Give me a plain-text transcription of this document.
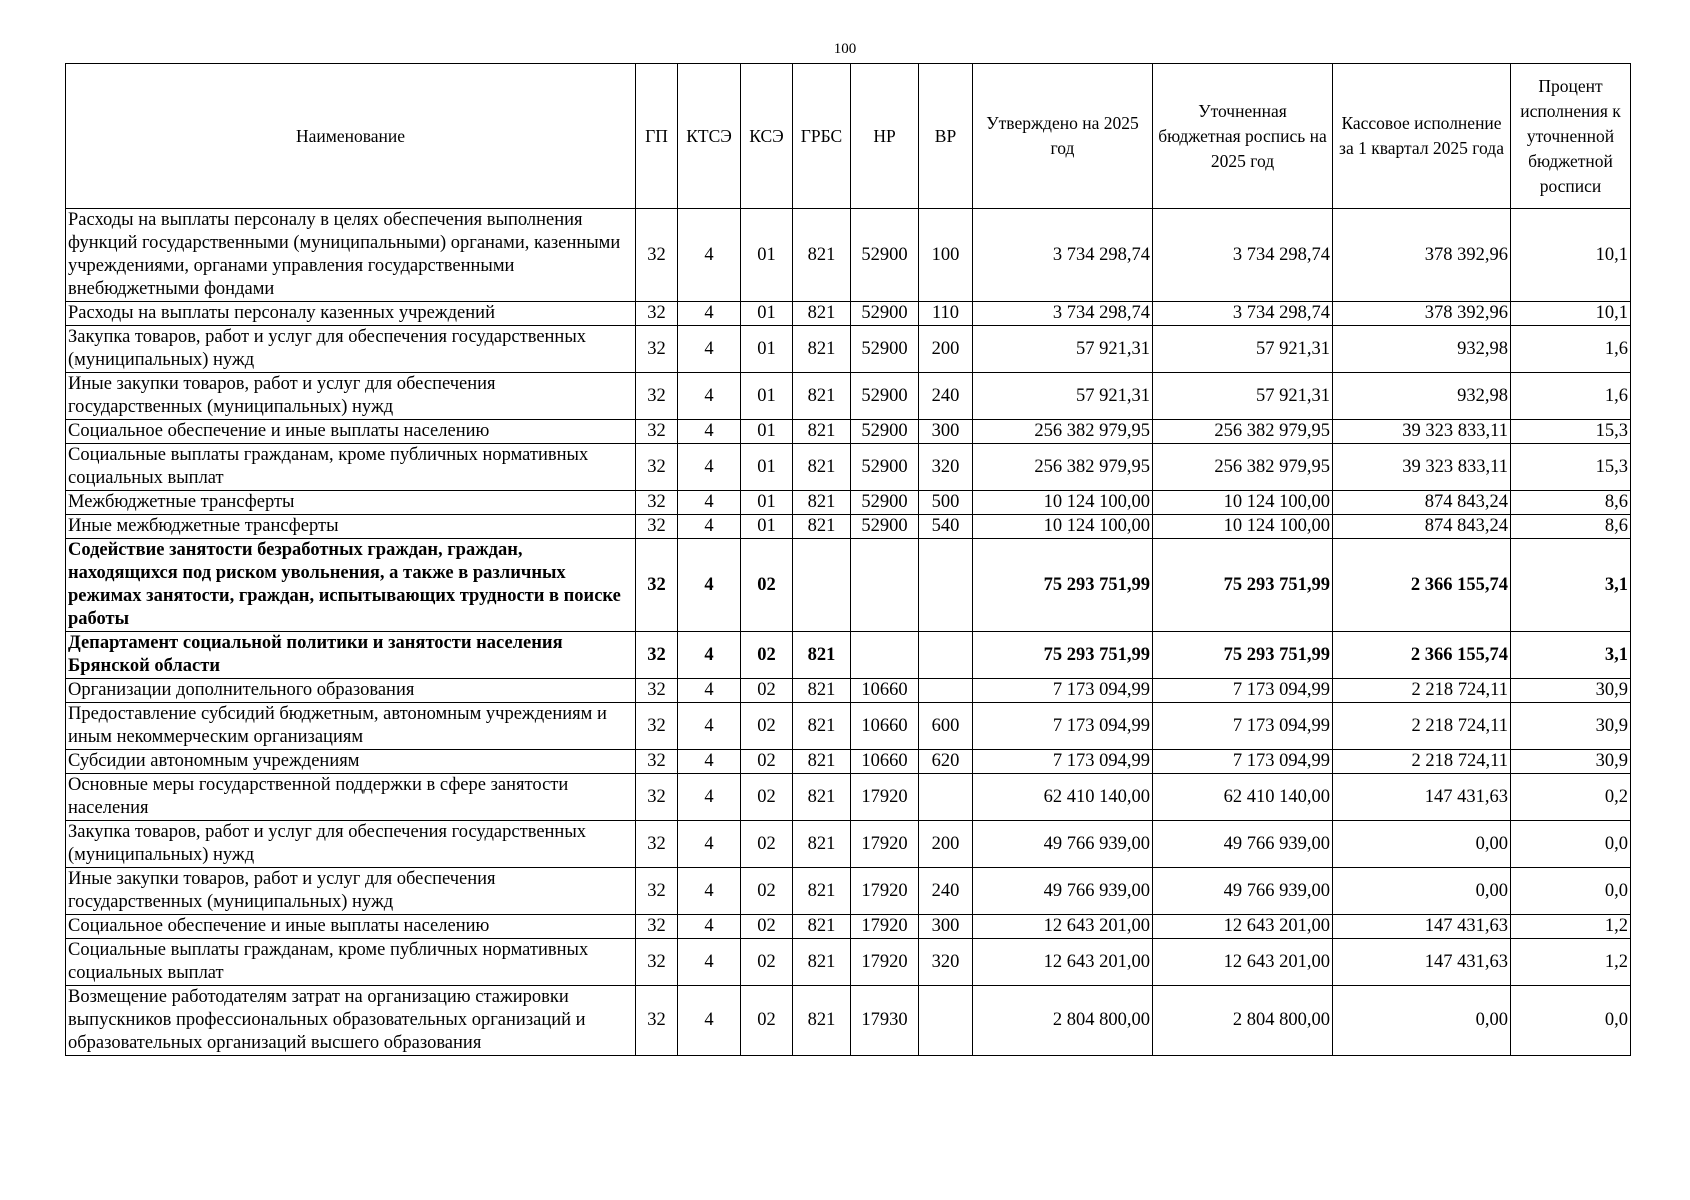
100
Наименование	ГП	КТСЭ	КСЭ	ГРБС	НР	ВР	Утверждено на 2025 год	Уточненная бюджетная роспись на 2025 год	Кассовое исполнение за 1 квартал 2025 года	Процент исполнения к уточненной бюджетной росписи
Расходы на выплаты персоналу в целях обеспечения выполнения функций государственными (муниципальными) органами, казенными учреждениями, органами управления государственными внебюджетными фондами	32	4	01	821	52900	100	3 734 298,74	3 734 298,74	378 392,96	10,1
Расходы на выплаты персоналу казенных учреждений	32	4	01	821	52900	110	3 734 298,74	3 734 298,74	378 392,96	10,1
Закупка товаров, работ и услуг для обеспечения государственных (муниципальных) нужд	32	4	01	821	52900	200	57 921,31	57 921,31	932,98	1,6
Иные закупки товаров, работ и услуг для обеспечения государственных (муниципальных) нужд	32	4	01	821	52900	240	57 921,31	57 921,31	932,98	1,6
Социальное обеспечение и иные выплаты населению	32	4	01	821	52900	300	256 382 979,95	256 382 979,95	39 323 833,11	15,3
Социальные выплаты гражданам, кроме публичных нормативных социальных выплат	32	4	01	821	52900	320	256 382 979,95	256 382 979,95	39 323 833,11	15,3
Межбюджетные трансферты	32	4	01	821	52900	500	10 124 100,00	10 124 100,00	874 843,24	8,6
Иные межбюджетные трансферты	32	4	01	821	52900	540	10 124 100,00	10 124 100,00	874 843,24	8,6
Содействие занятости безработных граждан, граждан, находящихся под риском увольнения, а также в различных режимах занятости, граждан, испытывающих трудности в поиске работы	32	4	02				75 293 751,99	75 293 751,99	2 366 155,74	3,1
Департамент социальной политики и занятости населения Брянской области	32	4	02	821			75 293 751,99	75 293 751,99	2 366 155,74	3,1
Организации дополнительного образования	32	4	02	821	10660		7 173 094,99	7 173 094,99	2 218 724,11	30,9
Предоставление субсидий бюджетным, автономным учреждениям и иным некоммерческим организациям	32	4	02	821	10660	600	7 173 094,99	7 173 094,99	2 218 724,11	30,9
Субсидии автономным учреждениям	32	4	02	821	10660	620	7 173 094,99	7 173 094,99	2 218 724,11	30,9
Основные меры государственной поддержки в сфере занятости населения	32	4	02	821	17920		62 410 140,00	62 410 140,00	147 431,63	0,2
Закупка товаров, работ и услуг для обеспечения государственных (муниципальных) нужд	32	4	02	821	17920	200	49 766 939,00	49 766 939,00	0,00	0,0
Иные закупки товаров, работ и услуг для обеспечения государственных (муниципальных) нужд	32	4	02	821	17920	240	49 766 939,00	49 766 939,00	0,00	0,0
Социальное обеспечение и иные выплаты населению	32	4	02	821	17920	300	12 643 201,00	12 643 201,00	147 431,63	1,2
Социальные выплаты гражданам, кроме публичных нормативных социальных выплат	32	4	02	821	17920	320	12 643 201,00	12 643 201,00	147 431,63	1,2
Возмещение работодателям затрат на организацию стажировки выпускников профессиональных образовательных организаций и образовательных организаций высшего образования	32	4	02	821	17930		2 804 800,00	2 804 800,00	0,00	0,0
